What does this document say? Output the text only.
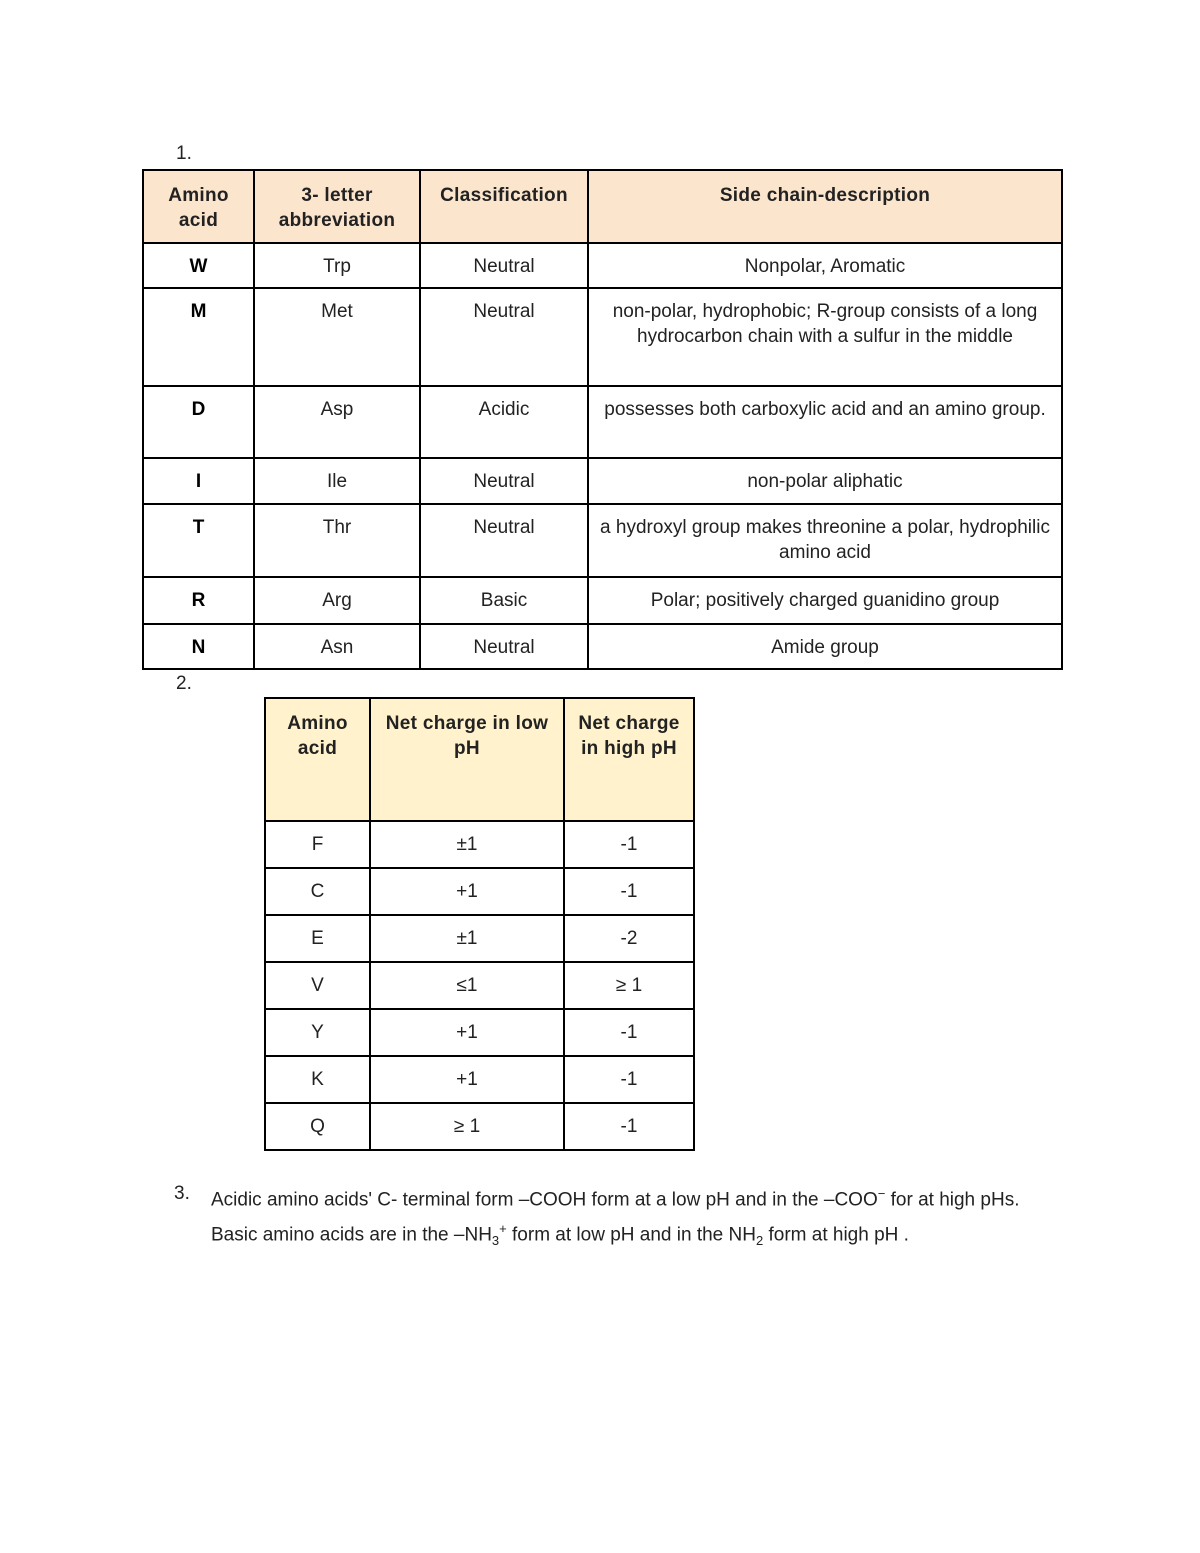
1.
Amino acid	3- letter abbreviation	Classification	Side chain-description
W	Trp	Neutral	Nonpolar, Aromatic
M	Met	Neutral	non-polar, hydrophobic; R-group consists of a long hydrocarbon chain with a sulfur in the middle
D	Asp	Acidic	possesses both carboxylic acid and an amino group.
I	Ile	Neutral	non-polar aliphatic
T	Thr	Neutral	a hydroxyl group makes threonine a polar, hydrophilic amino acid
R	Arg	Basic	Polar; positively charged guanidino group
N	Asn	Neutral	Amide group
2.
Amino acid	Net charge in low pH	Net charge in high pH
F	±1	-1
C	+1	-1
E	±1	-2
V	≤1	≥ 1
Y	+1	-1
K	+1	-1
Q	≥ 1	-1
3. Acidic amino acids' C- terminal form –COOH form at a low pH and in the –COO− for at high pHs. Basic amino acids are in the $-NH_3^+$ form at low pH and in the $NH_2$ form at high pH .
